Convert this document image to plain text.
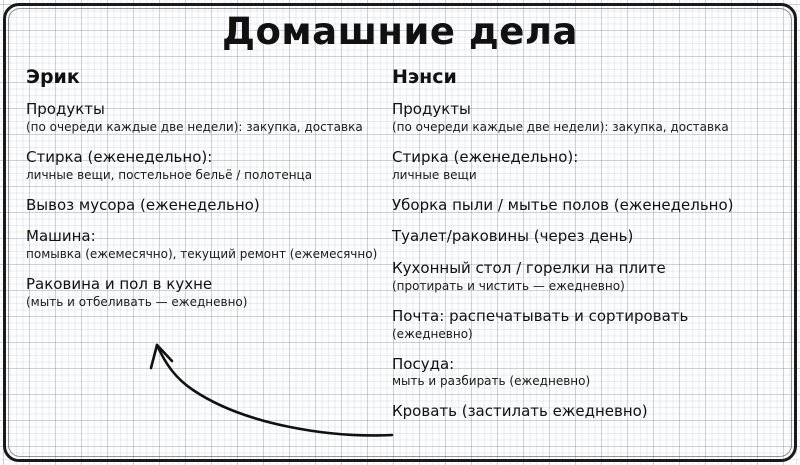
Домашние дела
Эрик
Продукты
(по очереди каждые две недели): закупка, доставка
Стирка (еженедельно):
личные вещи, постельное бельё / полотенца
Вывоз мусора (еженедельно)
Машина:
помывка (ежемесячно), текущий ремонт (ежемесячно)
Раковина и пол в кухне
(мыть и отбеливать — ежедневно)
Нэнси
Продукты
(по очереди каждые две недели): закупка, доставка
Стирка (еженедельно):
личные вещи
Уборка пыли / мытье полов (еженедельно)
Туалет/раковины (через день)
Кухонный стол / горелки на плите
(протирать и чистить — ежедневно)
Почта: распечатывать и сортировать
(ежедневно)
Посуда:
мыть и разбирать (ежедневно)
Кровать (застилать ежедневно)
